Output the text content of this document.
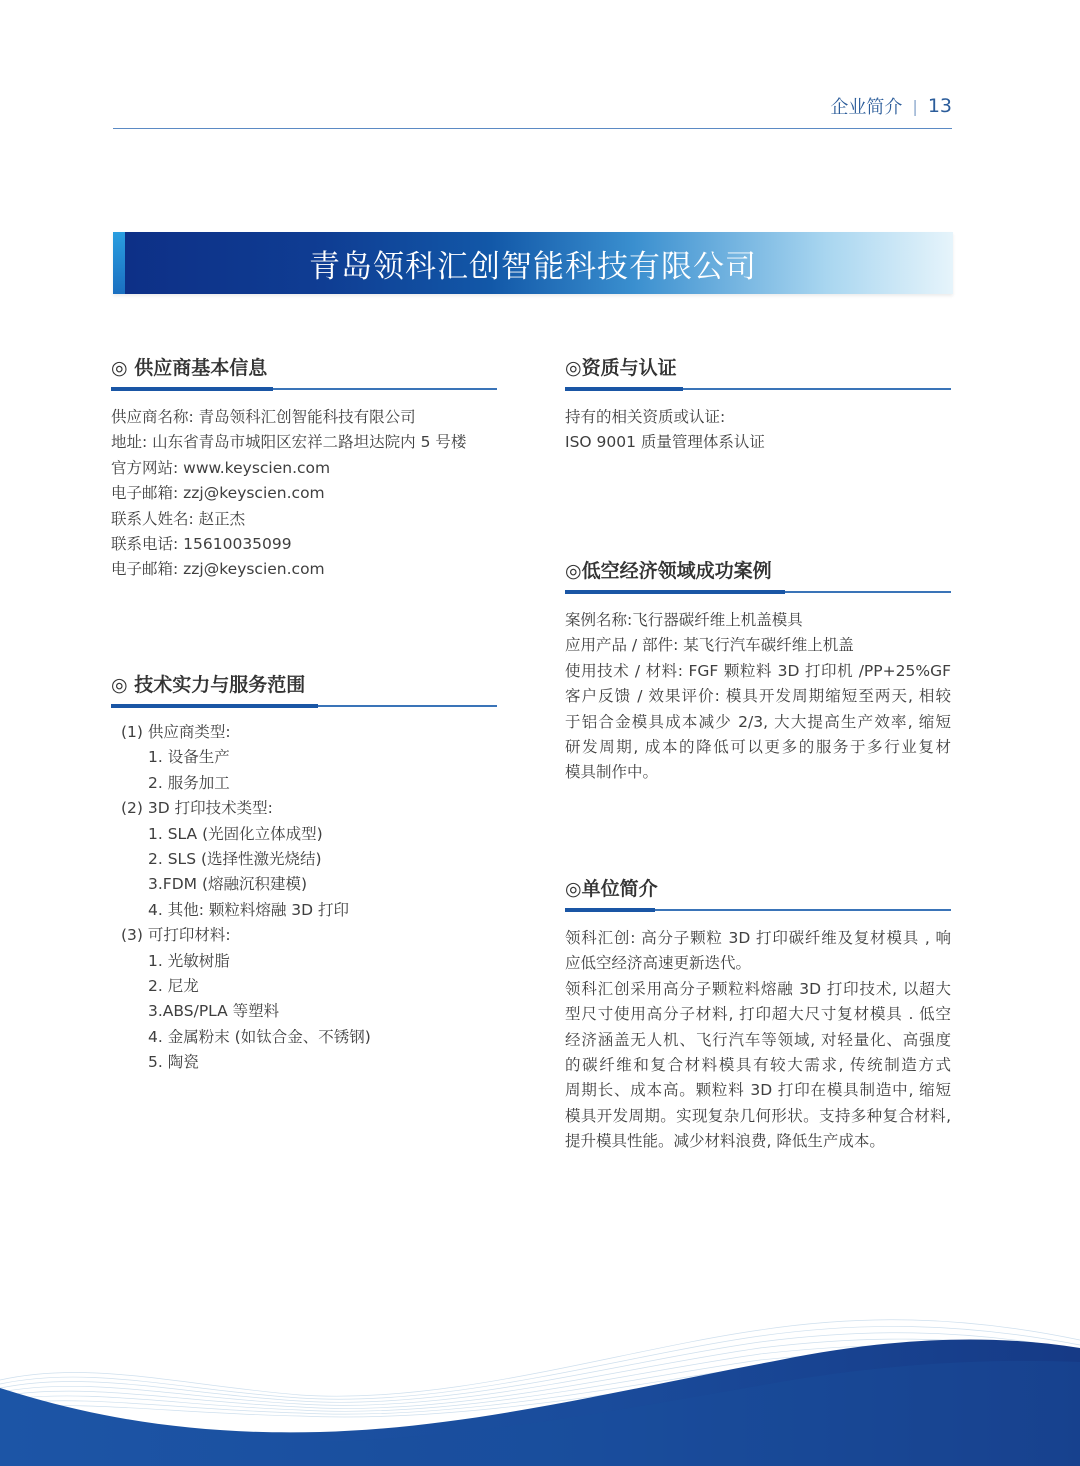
企业简介 | 13
青岛领科汇创智能科技有限公司
◎ 供应商基本信息
供应商名称: 青岛领科汇创智能科技有限公司
地址: 山东省青岛市城阳区宏祥二路坦达院内 5 号楼
官方网站: www.keyscien.com
电子邮箱: zzj@keyscien.com
联系人姓名: 赵正杰
联系电话: 15610035099
电子邮箱: zzj@keyscien.com
◎ 技术实力与服务范围
(1) 供应商类型:
1. 设备生产
2. 服务加工
(2) 3D 打印技术类型:
1. SLA (光固化立体成型)
2. SLS (选择性激光烧结)
3.FDM (熔融沉积建模)
4. 其他: 颗粒料熔融 3D 打印
(3) 可打印材料:
1. 光敏树脂
2. 尼龙
3.ABS/PLA 等塑料
4. 金属粉末 (如钛合金、不锈钢)
5. 陶瓷
◎资质与认证
持有的相关资质或认证:
ISO 9001 质量管理体系认证
◎低空经济领域成功案例
案例名称:飞行器碳纤维上机盖模具
应用产品 / 部件: 某飞行汽车碳纤维上机盖
使用技术 / 材料: FGF 颗粒料 3D 打印机 /PP+25%GF
客户反馈 / 效果评价: 模具开发周期缩短至两天, 相较
于铝合金模具成本减少 2/3, 大大提高生产效率, 缩短
研发周期, 成本的降低可以更多的服务于多行业复材
模具制作中。
◎单位简介
领科汇创: 高分子颗粒 3D 打印碳纤维及复材模具 , 响
应低空经济高速更新迭代。
领科汇创采用高分子颗粒料熔融 3D 打印技术, 以超大
型尺寸使用高分子材料, 打印超大尺寸复材模具 . 低空
经济涵盖无人机、飞行汽车等领域, 对轻量化、高强度
的碳纤维和复合材料模具有较大需求, 传统制造方式
周期长、成本高。颗粒料 3D 打印在模具制造中, 缩短
模具开发周期。实现复杂几何形状。支持多种复合材料,
提升模具性能。减少材料浪费, 降低生产成本。
